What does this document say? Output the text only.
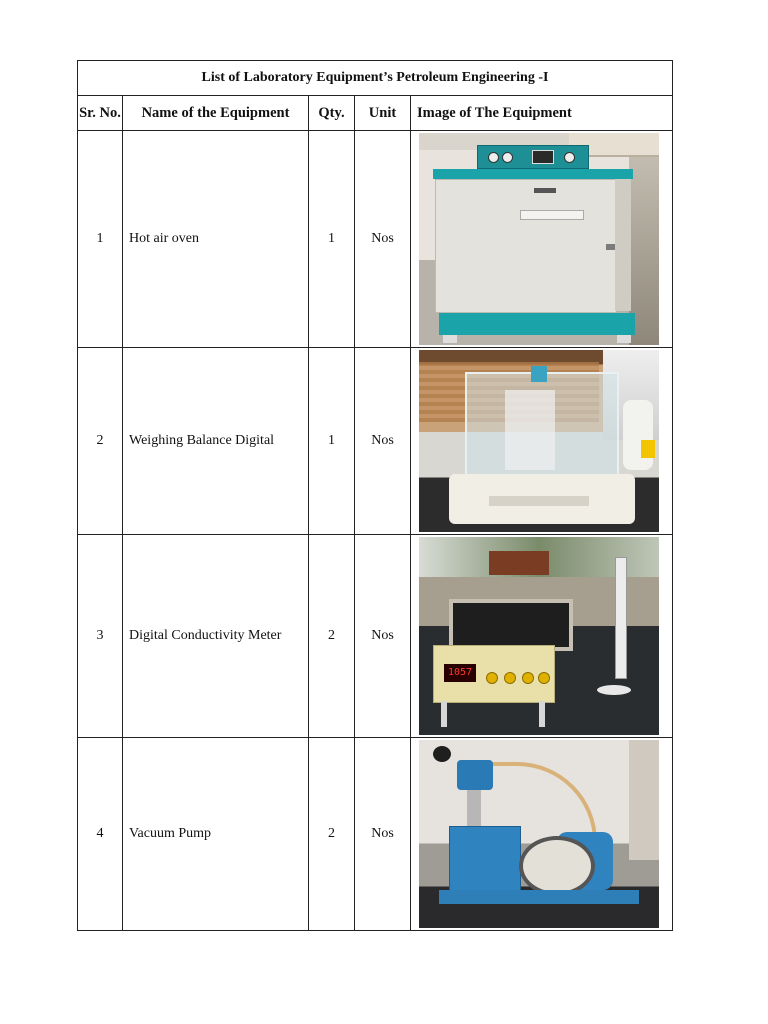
List of Laboratory Equipment’s Petroleum Engineering -I				
Sr. No.	Name of the Equipment	Qty.	Unit	Image of The Equipment
1	Hot air oven	1	Nos	

2	Weighing Balance Digital	1	Nos	

3	Digital Conductivity Meter	2	Nos	1057

4	Vacuum Pump	2	Nos	
